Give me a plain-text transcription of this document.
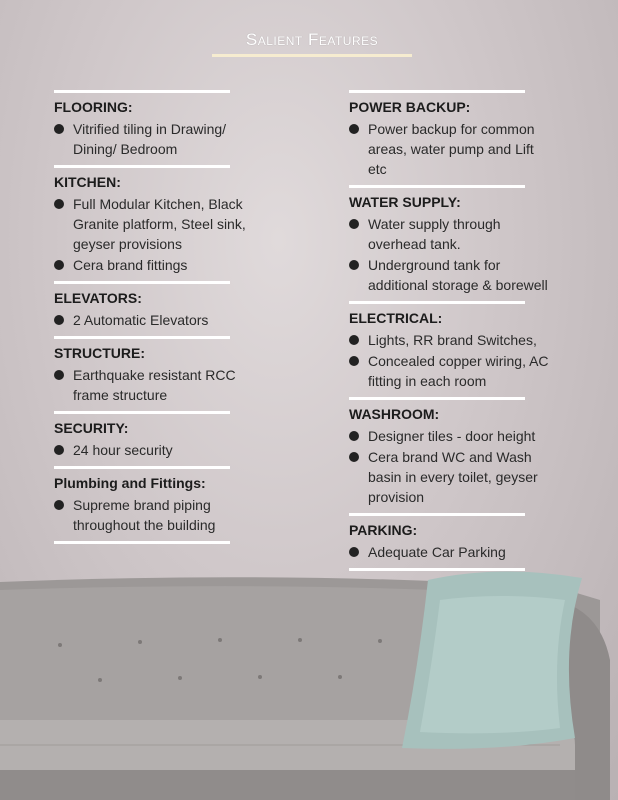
Salient Features
FLOORING:
Vitrified tiling in Drawing/ Dining/ Bedroom
KITCHEN:
Full Modular Kitchen, Black Granite platform, Steel sink, geyser provisions
Cera brand fittings
ELEVATORS:
2 Automatic Elevators
STRUCTURE:
Earthquake resistant RCC frame structure
SECURITY:
24 hour security
Plumbing and Fittings:
Supreme brand piping throughout the building
POWER BACKUP:
Power backup for common areas, water pump and Lift etc
WATER SUPPLY:
Water supply through overhead tank.
Underground tank for additional storage & borewell
ELECTRICAL:
Lights, RR brand Switches,
Concealed copper wiring, AC fitting in each room
WASHROOM:
Designer tiles - door height
Cera brand WC and Wash basin in every toilet, geyser provision
PARKING:
Adequate Car Parking
